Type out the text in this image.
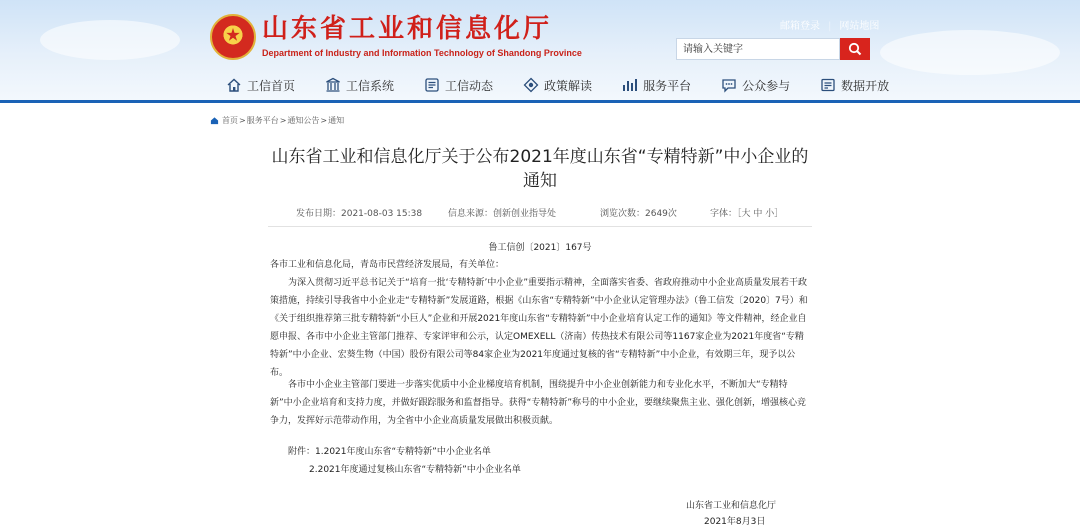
山东省工业和信息化厅
Department of Industry and Information Technology of Shandong Province
邮箱登录 | 网站地图
请输入关键字
工信首页	工信系统	工信动态	政策解读	服务平台	公众参与	数据开放
首页 > 服务平台 > 通知公告 > 通知
山东省工业和信息化厅关于公布2021年度山东省“专精特新”中小企业的通知
发布日期：2021-08-03 15:38	信息来源：创新创业指导处	浏览次数：2649次	字体：［大 中 小］
鲁工信创〔2021〕167号
各市工业和信息化局，青岛市民营经济发展局，有关单位：
为深入贯彻习近平总书记关于“培育一批‘专精特新’中小企业”重要指示精神，全面落实省委、省政府推动中小企业高质量发展若干政策措施，持续引导我省中小企业走“专精特新”发展道路，根据《山东省“专精特新”中小企业认定管理办法》（鲁工信发〔2020〕7号）和《关于组织推荐第三批专精特新“小巨人”企业和开展2021年度山东省“专精特新”中小企业培育认定工作的通知》等文件精神，经企业自愿申报、各市中小企业主管部门推荐、专家评审和公示，认定OMEXELL（济南）传热技术有限公司等1167家企业为2021年度省“专精特新”中小企业、宏葵生物（中国）股份有限公司等84家企业为2021年度通过复核的省“专精特新”中小企业，有效期三年，现予以公布。
各市中小企业主管部门要进一步落实优质中小企业梯度培育机制，围绕提升中小企业创新能力和专业化水平，不断加大“专精特新”中小企业培育和支持力度，并做好跟踪服务和监督指导。获得“专精特新”称号的中小企业，要继续聚焦主业、强化创新，增强核心竞争力，发挥好示范带动作用，为全省中小企业高质量发展做出积极贡献。
附件：1.2021年度山东省“专精特新”中小企业名单
2.2021年度通过复核山东省“专精特新”中小企业名单
山东省工业和信息化厅
2021年8月3日
